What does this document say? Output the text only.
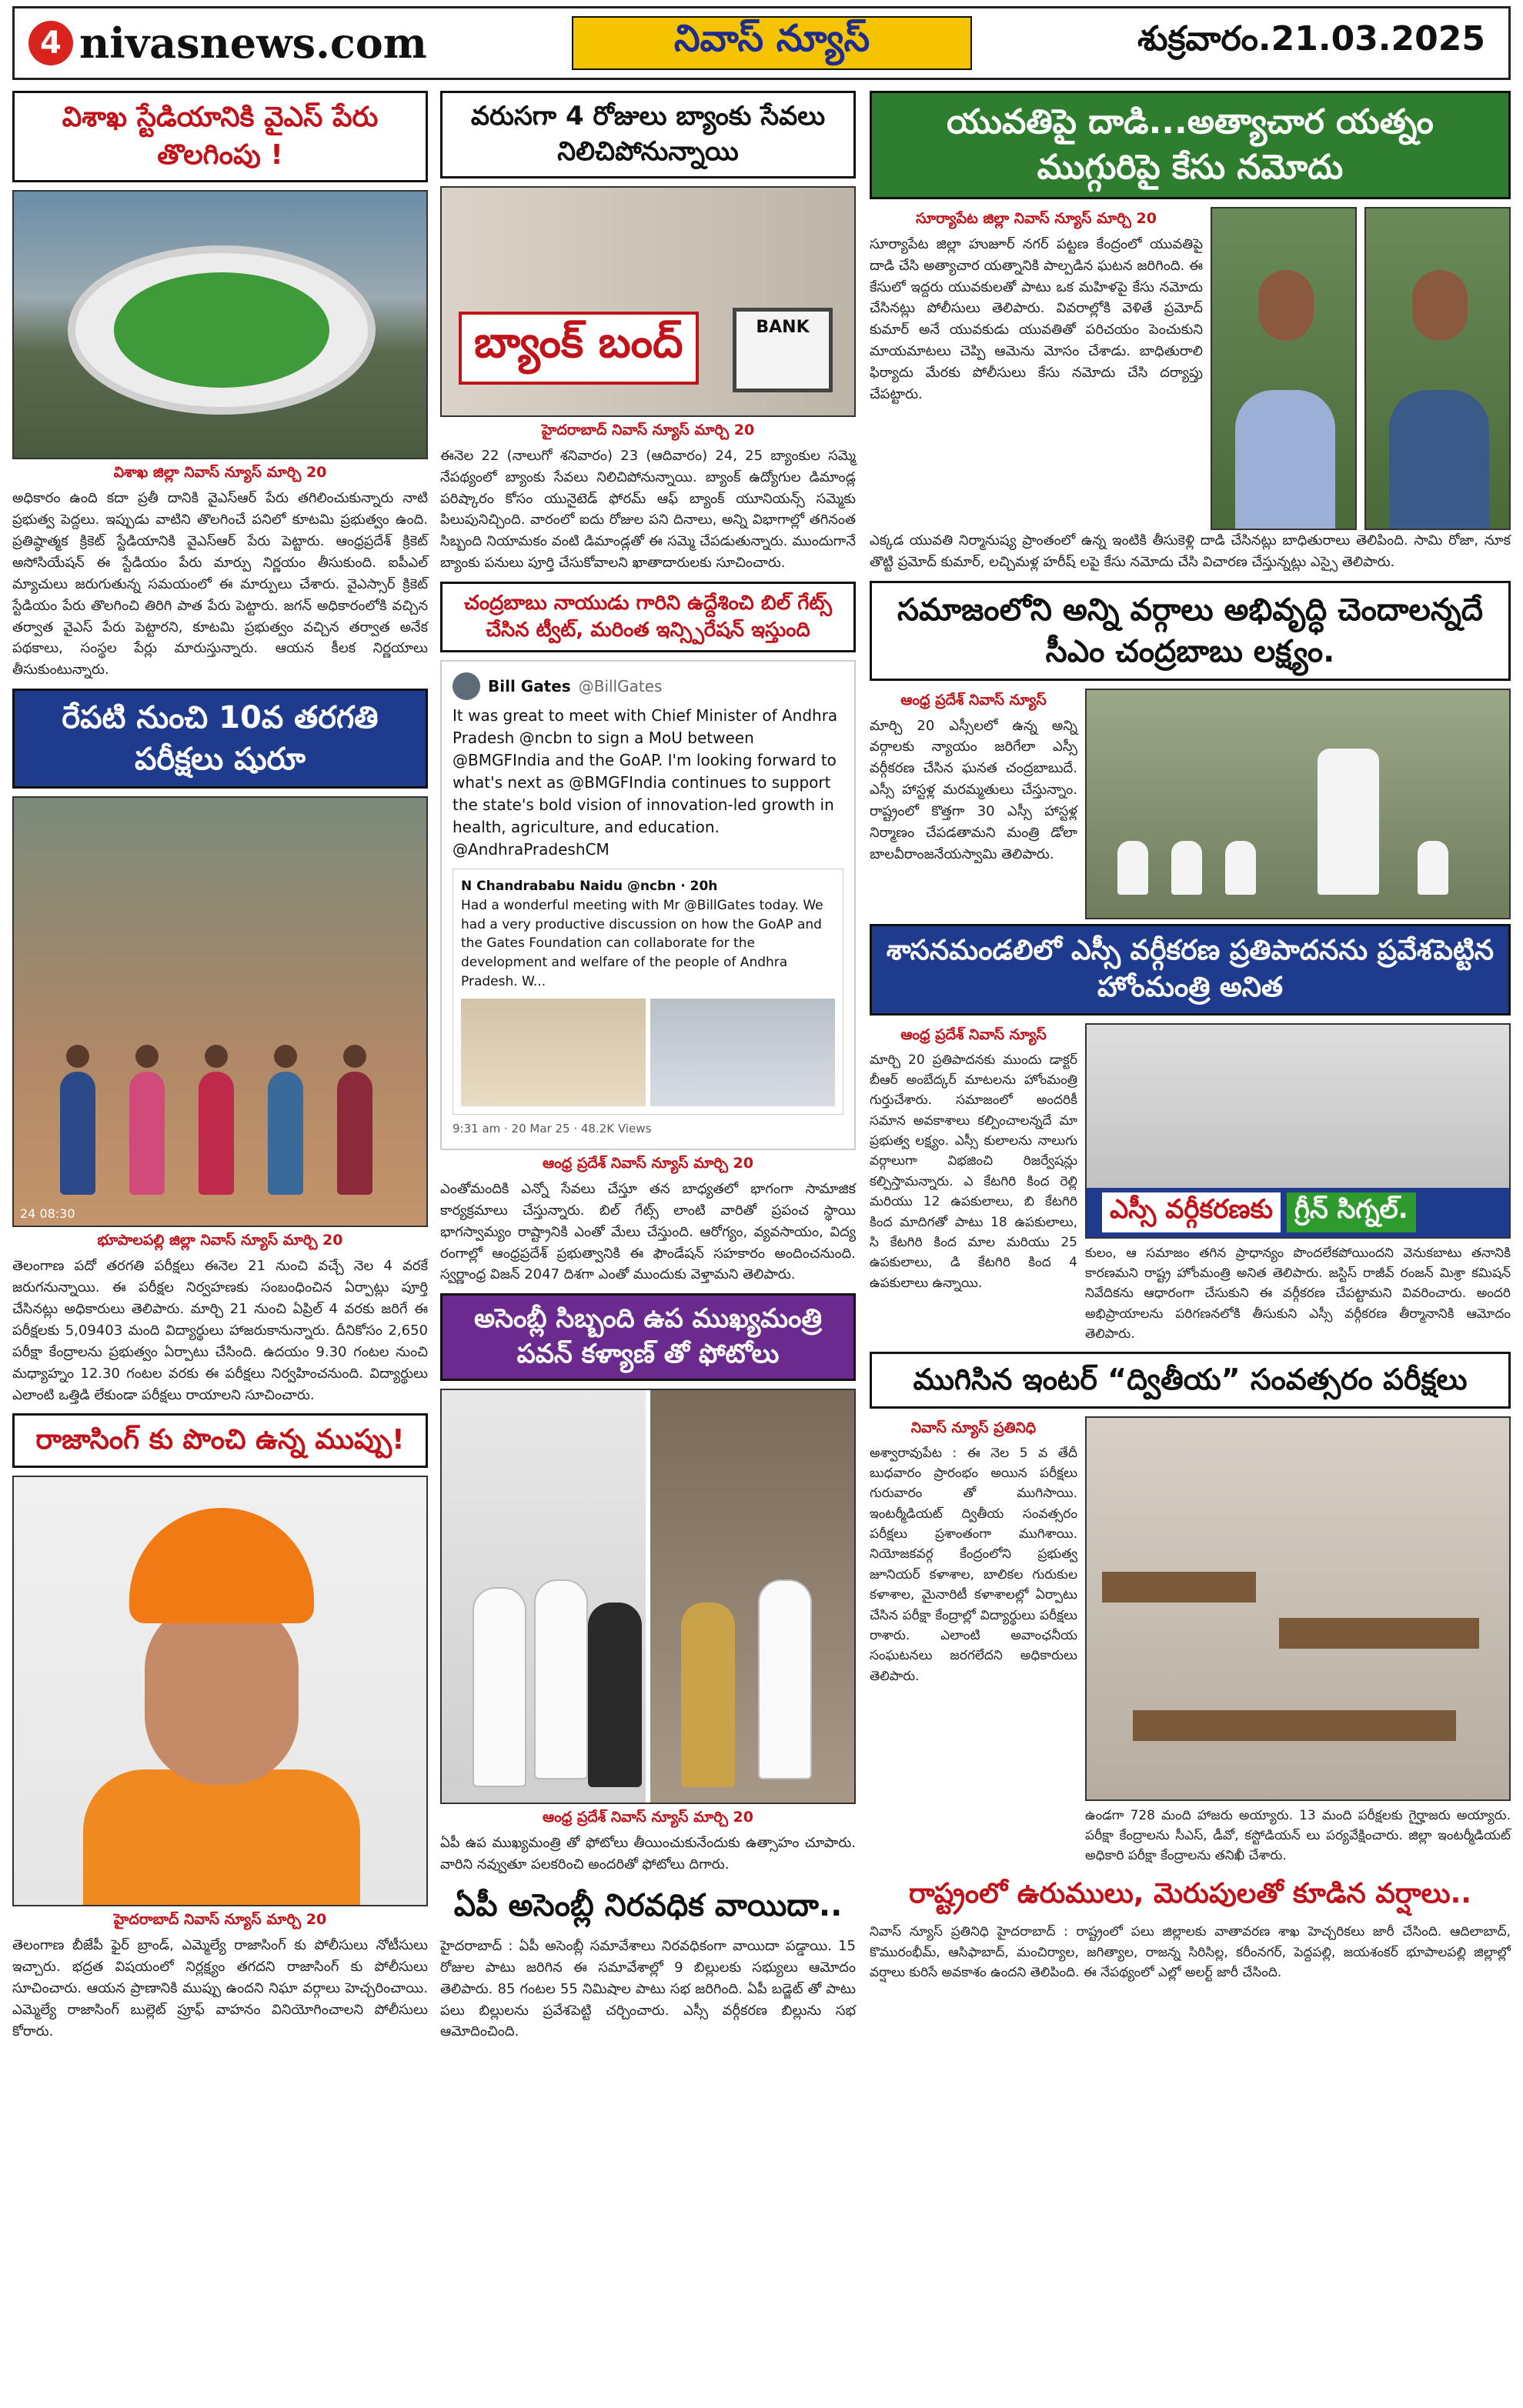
4 nivasnews.com	నివాస్ న్యూస్	శుక్రవారం.21.03.2025
విశాఖ స్టేడియానికి వైఎస్ పేరు తొలగింపు !
విశాఖ జిల్లా నివాస్ న్యూస్ మార్చి 20
అధికారం ఉంది కదా ప్రతీ దానికి వైఎస్ఆర్ పేరు తగిలించుకున్నారు నాటి ప్రభుత్వ పెద్దలు. ఇప్పుడు వాటిని తొలగించే పనిలో కూటమి ప్రభుత్వం ఉంది. ప్రతిష్ఠాత్మక క్రికెట్ స్టేడియానికి వైఎస్ఆర్ పేరు పెట్టారు. ఆంధ్రప్రదేశ్ క్రికెట్ అసోసియేషన్ ఈ స్టేడియం పేరు మార్పు నిర్ణయం తీసుకుంది. ఐపీఎల్ మ్యాచులు జరుగుతున్న సమయంలో ఈ మార్పులు చేశారు. వైఎస్సార్ క్రికెట్ స్టేడియం పేరు తొలగించి తిరిగి పాత పేరు పెట్టారు. జగన్ అధికారంలోకి వచ్చిన తర్వాత వైఎస్ పేరు పెట్టారని, కూటమి ప్రభుత్వం వచ్చిన తర్వాత అనేక పథకాలు, సంస్థల పేర్లు మారుస్తున్నారు. ఆయన కీలక నిర్ణయాలు తీసుకుంటున్నారు.
రేపటి నుంచి 10వ తరగతి పరీక్షలు షురూ
24 08:30
భూపాలపల్లి జిల్లా నివాస్ న్యూస్ మార్చి 20
తెలంగాణ పదో తరగతి పరీక్షలు ఈనెల 21 నుంచి వచ్చే నెల 4 వరకే జరుగనున్నాయి. ఈ పరీక్షల నిర్వహణకు సంబంధించిన ఏర్పాట్లు పూర్తి చేసినట్లు అధికారులు తెలిపారు. మార్చి 21 నుంచి ఏప్రిల్ 4 వరకు జరిగే ఈ పరీక్షలకు 5,09403 మంది విద్యార్థులు హాజరుకానున్నారు. దీనికోసం 2,650 పరీక్షా కేంద్రాలను ప్రభుత్వం ఏర్పాటు చేసింది. ఉదయం 9.30 గంటల నుంచి మధ్యాహ్నం 12.30 గంటల వరకు ఈ పరీక్షలు నిర్వహించనుంది. విద్యార్థులు ఎలాంటి ఒత్తిడి లేకుండా పరీక్షలు రాయాలని సూచించారు.
రాజాసింగ్ కు పొంచి ఉన్న ముప్పు!
హైదరాబాద్ నివాస్ న్యూస్ మార్చి 20
తెలంగాణ బీజేపీ ఫైర్ బ్రాండ్, ఎమ్మెల్యే రాజాసింగ్ కు పోలీసులు నోటీసులు ఇచ్చారు. భద్రత విషయంలో నిర్లక్ష్యం తగదని రాజాసింగ్ కు పోలీసులు సూచించారు. ఆయన ప్రాణానికి ముప్పు ఉందని నిఘా వర్గాలు హెచ్చరించాయి. ఎమ్మెల్యే రాజాసింగ్ బుల్లెట్ ప్రూఫ్ వాహనం వినియోగించాలని పోలీసులు కోరారు.
వరుసగా 4 రోజులు బ్యాంకు సేవలు నిలిచిపోనున్నాయి
బ్యాంక్ బంద్	BANK
హైదరాబాద్ నివాస్ న్యూస్ మార్చి 20
ఈనెల 22 (నాలుగో శనివారం) 23 (ఆదివారం) 24, 25 బ్యాంకుల సమ్మె నేపథ్యంలో బ్యాంకు సేవలు నిలిచిపోనున్నాయి. బ్యాంక్ ఉద్యోగుల డిమాండ్ల పరిష్కారం కోసం యునైటెడ్ ఫోరమ్ ఆఫ్ బ్యాంక్ యూనియన్స్ సమ్మెకు పిలుపునిచ్చింది. వారంలో ఐదు రోజుల పని దినాలు, అన్ని విభాగాల్లో తగినంత సిబ్బంది నియామకం వంటి డిమాండ్లతో ఈ సమ్మె చేపడుతున్నారు. ముందుగానే బ్యాంకు పనులు పూర్తి చేసుకోవాలని ఖాతాదారులకు సూచించారు.
చంద్రబాబు నాయుడు గారిని ఉద్దేశించి బిల్ గేట్స్ చేసిన ట్వీట్, మరింత ఇన్స్పిరేషన్ ఇస్తుంది
Bill Gates @BillGates
It was great to meet with Chief Minister of Andhra Pradesh @ncbn to sign a MoU between @BMGFIndia and the GoAP. I'm looking forward to what's next as @BMGFIndia continues to support the state's bold vision of innovation-led growth in health, agriculture, and education. @AndhraPradeshCM
N Chandrababu Naidu @ncbn · 20h
Had a wonderful meeting with Mr @BillGates today. We had a very productive discussion on how the GoAP and the Gates Foundation can collaborate for the development and welfare of the people of Andhra Pradesh. W...
9:31 am · 20 Mar 25 · 48.2K Views
ఆంధ్ర ప్రదేశ్ నివాస్ న్యూస్ మార్చి 20
ఎంతోమందికి ఎన్నో సేవలు చేస్తూ తన బాధ్యతలో భాగంగా సామాజిక కార్యక్రమాలు చేస్తున్నారు. బిల్ గేట్స్ లాంటి వారితో ప్రపంచ స్థాయి భాగస్వామ్యం రాష్ట్రానికి ఎంతో మేలు చేస్తుంది. ఆరోగ్యం, వ్యవసాయం, విద్య రంగాల్లో ఆంధ్రప్రదేశ్ ప్రభుత్వానికి ఈ ఫౌండేషన్ సహకారం అందించనుంది. స్వర్ణాంధ్ర విజన్ 2047 దిశగా ఎంతో ముందుకు వెళ్తామని తెలిపారు.
అసెంబ్లీ సిబ్బంది ఉప ముఖ్యమంత్రి పవన్ కళ్యాణ్ తో ఫోటోలు
ఆంధ్ర ప్రదేశ్ నివాస్ న్యూస్ మార్చి 20
ఏపీ ఉప ముఖ్యమంత్రి తో ఫోటోలు తీయించుకునేందుకు ఉత్సాహం చూపారు. వారిని నవ్వుతూ పలకరించి అందరితో ఫోటోలు దిగారు.
ఏపీ అసెంబ్లీ నిరవధిక వాయిదా..
హైదరాబాద్ : ఏపీ అసెంబ్లీ సమావేశాలు నిరవధికంగా వాయిదా పడ్డాయి. 15 రోజుల పాటు జరిగిన ఈ సమావేశాల్లో 9 బిల్లులకు సభ్యులు ఆమోదం తెలిపారు. 85 గంటల 55 నిమిషాల పాటు సభ జరిగింది. ఏపీ బడ్జెట్ తో పాటు పలు బిల్లులను ప్రవేశపెట్టి చర్చించారు. ఎస్సీ వర్గీకరణ బిల్లును సభ ఆమోదించింది.
యువతిపై దాడి...అత్యాచార యత్నం ముగ్గురిపై కేసు నమోదు
సూర్యాపేట జిల్లా నివాస్ న్యూస్ మార్చి 20
సూర్యాపేట జిల్లా హుజూర్ నగర్ పట్టణ కేంద్రంలో యువతిపై దాడి చేసి అత్యాచార యత్నానికి పాల్పడిన ఘటన జరిగింది. ఈ కేసులో ఇద్దరు యువకులతో పాటు ఒక మహిళపై కేసు నమోదు చేసినట్లు పోలీసులు తెలిపారు. వివరాల్లోకి వెళితే ప్రమోద్ కుమార్ అనే యువకుడు యువతితో పరిచయం పెంచుకుని మాయమాటలు చెప్పి ఆమెను మోసం చేశాడు. బాధితురాలి ఫిర్యాదు మేరకు పోలీసులు కేసు నమోదు చేసి దర్యాప్తు చేపట్టారు.
ఎక్కడ యువతి నిర్మానుష్య ప్రాంతంలో ఉన్న ఇంటికి తీసుకెళ్లి దాడి చేసినట్లు బాధితురాలు తెలిపింది. సామి రోజా, నూక తొట్టి ప్రమోద్ కుమార్, లచ్చిమళ్ల హరీష్ లపై కేసు నమోదు చేసి విచారణ చేస్తున్నట్లు ఎస్సై తెలిపారు.
సమాజంలోని అన్ని వర్గాలు అభివృద్ధి చెందాలన్నదే సీఎం చంద్రబాబు లక్ష్యం.
ఆంధ్ర ప్రదేశ్ నివాస్ న్యూస్
మార్చి 20 ఎస్సీలలో ఉన్న అన్ని వర్గాలకు న్యాయం జరిగేలా ఎస్సీ వర్గీకరణ చేసిన ఘనత చంద్రబాబుదే. ఎస్సీ హాస్టళ్ల మరమ్మతులు చేస్తున్నాం. రాష్ట్రంలో కొత్తగా 30 ఎస్సీ హాస్టళ్ల నిర్మాణం చేపడతామని మంత్రి డోలా బాలవీరాంజనేయస్వామి తెలిపారు.
శాసనమండలిలో ఎస్సీ వర్గీకరణ ప్రతిపాదనను ప్రవేశపెట్టిన హోంమంత్రి అనిత
ఆంధ్ర ప్రదేశ్ నివాస్ న్యూస్
మార్చి 20 ప్రతిపాదనకు ముందు డాక్టర్ బీఆర్ అంబేద్కర్ మాటలను హోంమంత్రి గుర్తుచేశారు. సమాజంలో అందరికీ సమాన అవకాశాలు కల్పించాలన్నదే మా ప్రభుత్వ లక్ష్యం. ఎస్సీ కులాలను నాలుగు వర్గాలుగా విభజించి రిజర్వేషన్లు కల్పిస్తామన్నారు. ఎ కేటగిరి కింద రెల్లి మరియు 12 ఉపకులాలు, బి కేటగిరి కింద మాదిగతో పాటు 18 ఉపకులాలు, సి కేటగిరి కింద మాల మరియు 25 ఉపకులాలు, డి కేటగిరి కింద 4 ఉపకులాలు ఉన్నాయి.
ఎస్సీ వర్గీకరణకు గ్రీన్ సిగ్నల్.
కులం, ఆ సమాజం తగిన ప్రాధాన్యం పొందలేకపోయిందని వెనుకబాటు తనానికి కారణమని రాష్ట్ర హోంమంత్రి అనిత తెలిపారు. జస్టిస్ రాజీవ్ రంజన్ మిశ్రా కమిషన్ నివేదికను ఆధారంగా చేసుకుని ఈ వర్గీకరణ చేపట్టామని వివరించారు. అందరి అభిప్రాయాలను పరిగణనలోకి తీసుకుని ఎస్సీ వర్గీకరణ తీర్మానానికి ఆమోదం తెలిపారు.
ముగిసిన ఇంటర్ “ద్వితీయ” సంవత్సరం పరీక్షలు
నివాస్ న్యూస్ ప్రతినిధి
అశ్వారావుపేట : ఈ నెల 5 వ తేదీ బుధవారం ప్రారంభం అయిన పరీక్షలు గురువారం తో ముగిసాయి. ఇంటర్మీడియట్ ద్వితీయ సంవత్సరం పరీక్షలు ప్రశాంతంగా ముగిశాయి. నియోజకవర్గ కేంద్రంలోని ప్రభుత్వ జూనియర్ కళాశాల, బాలికల గురుకుల కళాశాల, మైనారిటీ కళాశాలల్లో ఏర్పాటు చేసిన పరీక్షా కేంద్రాల్లో విద్యార్థులు పరీక్షలు రాశారు. ఎలాంటి అవాంఛనీయ సంఘటనలు జరగలేదని అధికారులు తెలిపారు.
ఉండగా 728 మంది హాజరు అయ్యారు. 13 మంది పరీక్షలకు గైర్హాజరు అయ్యారు. పరీక్షా కేంద్రాలను సీఎస్, డీవో, కస్టోడియన్ లు పర్యవేక్షించారు. జిల్లా ఇంటర్మీడియట్ అధికారి పరీక్షా కేంద్రాలను తనిఖీ చేశారు.
రాష్ట్రంలో ఉరుములు, మెరుపులతో కూడిన వర్షాలు..
నివాస్ న్యూస్ ప్రతినిధి హైదరాబాద్ : రాష్ట్రంలో పలు జిల్లాలకు వాతావరణ శాఖ హెచ్చరికలు జారీ చేసింది. ఆదిలాబాద్, కొమురంభీమ్, ఆసిఫాబాద్, మంచిర్యాల, జగిత్యాల, రాజన్న సిరిసిల్ల, కరీంనగర్, పెద్దపల్లి, జయశంకర్ భూపాలపల్లి జిల్లాల్లో వర్షాలు కురిసే అవకాశం ఉందని తెలిపింది. ఈ నేపథ్యంలో ఎల్లో అలర్ట్ జారీ చేసింది.
